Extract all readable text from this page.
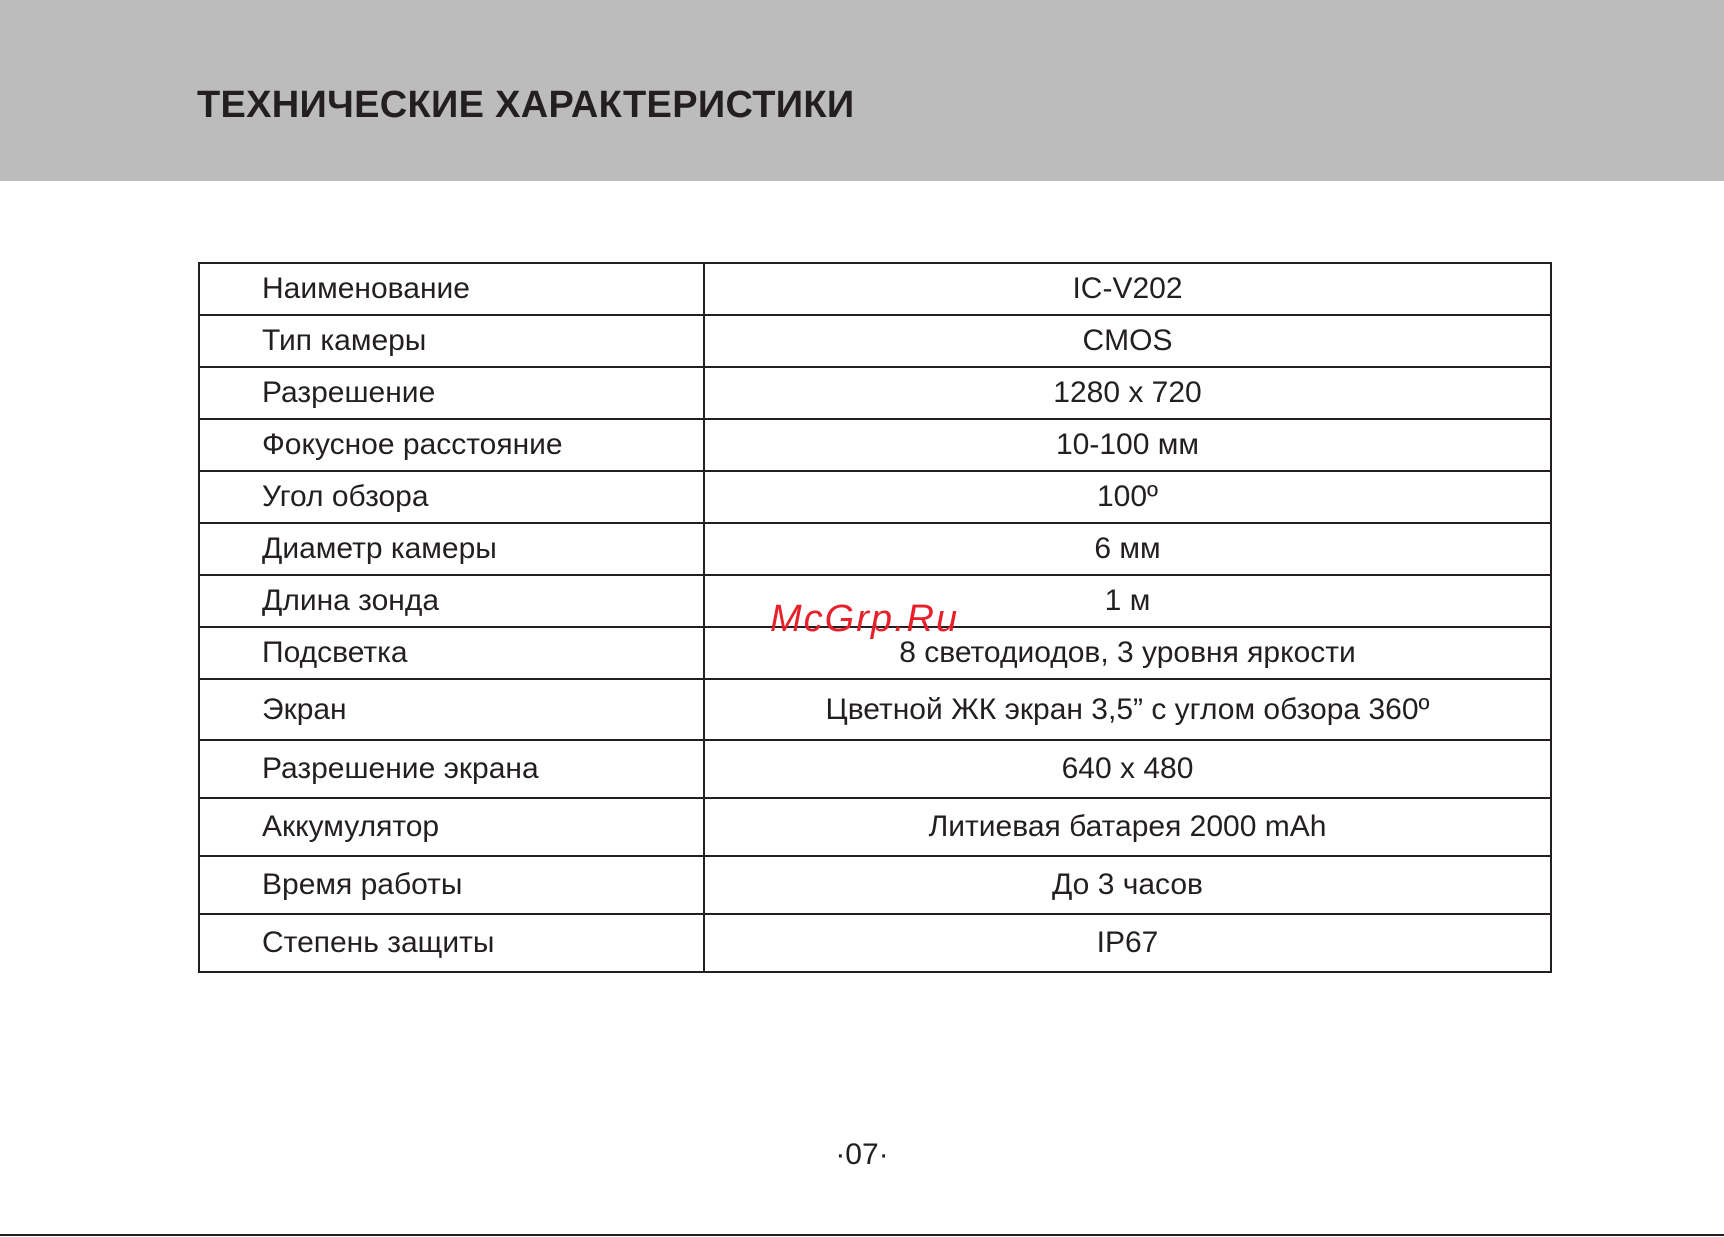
ТЕХНИЧЕСКИЕ ХАРАКТЕРИСТИКИ
Наименование	IC-V202
Тип камеры	CMOS
Разрешение	1280 х 720
Фокусное расстояние	10-100 мм
Угол обзора	100º
Диаметр камеры	6 мм
Длина зонда	1 м
Подсветка	8 светодиодов, 3 уровня яркости
Экран	Цветной ЖК экран 3,5” с углом обзора 360º
Разрешение экрана	640 х 480
Аккумулятор	Литиевая батарея 2000 mAh
Время работы	До 3 часов
Степень защиты	IP67
McGrp.Ru
·07·
